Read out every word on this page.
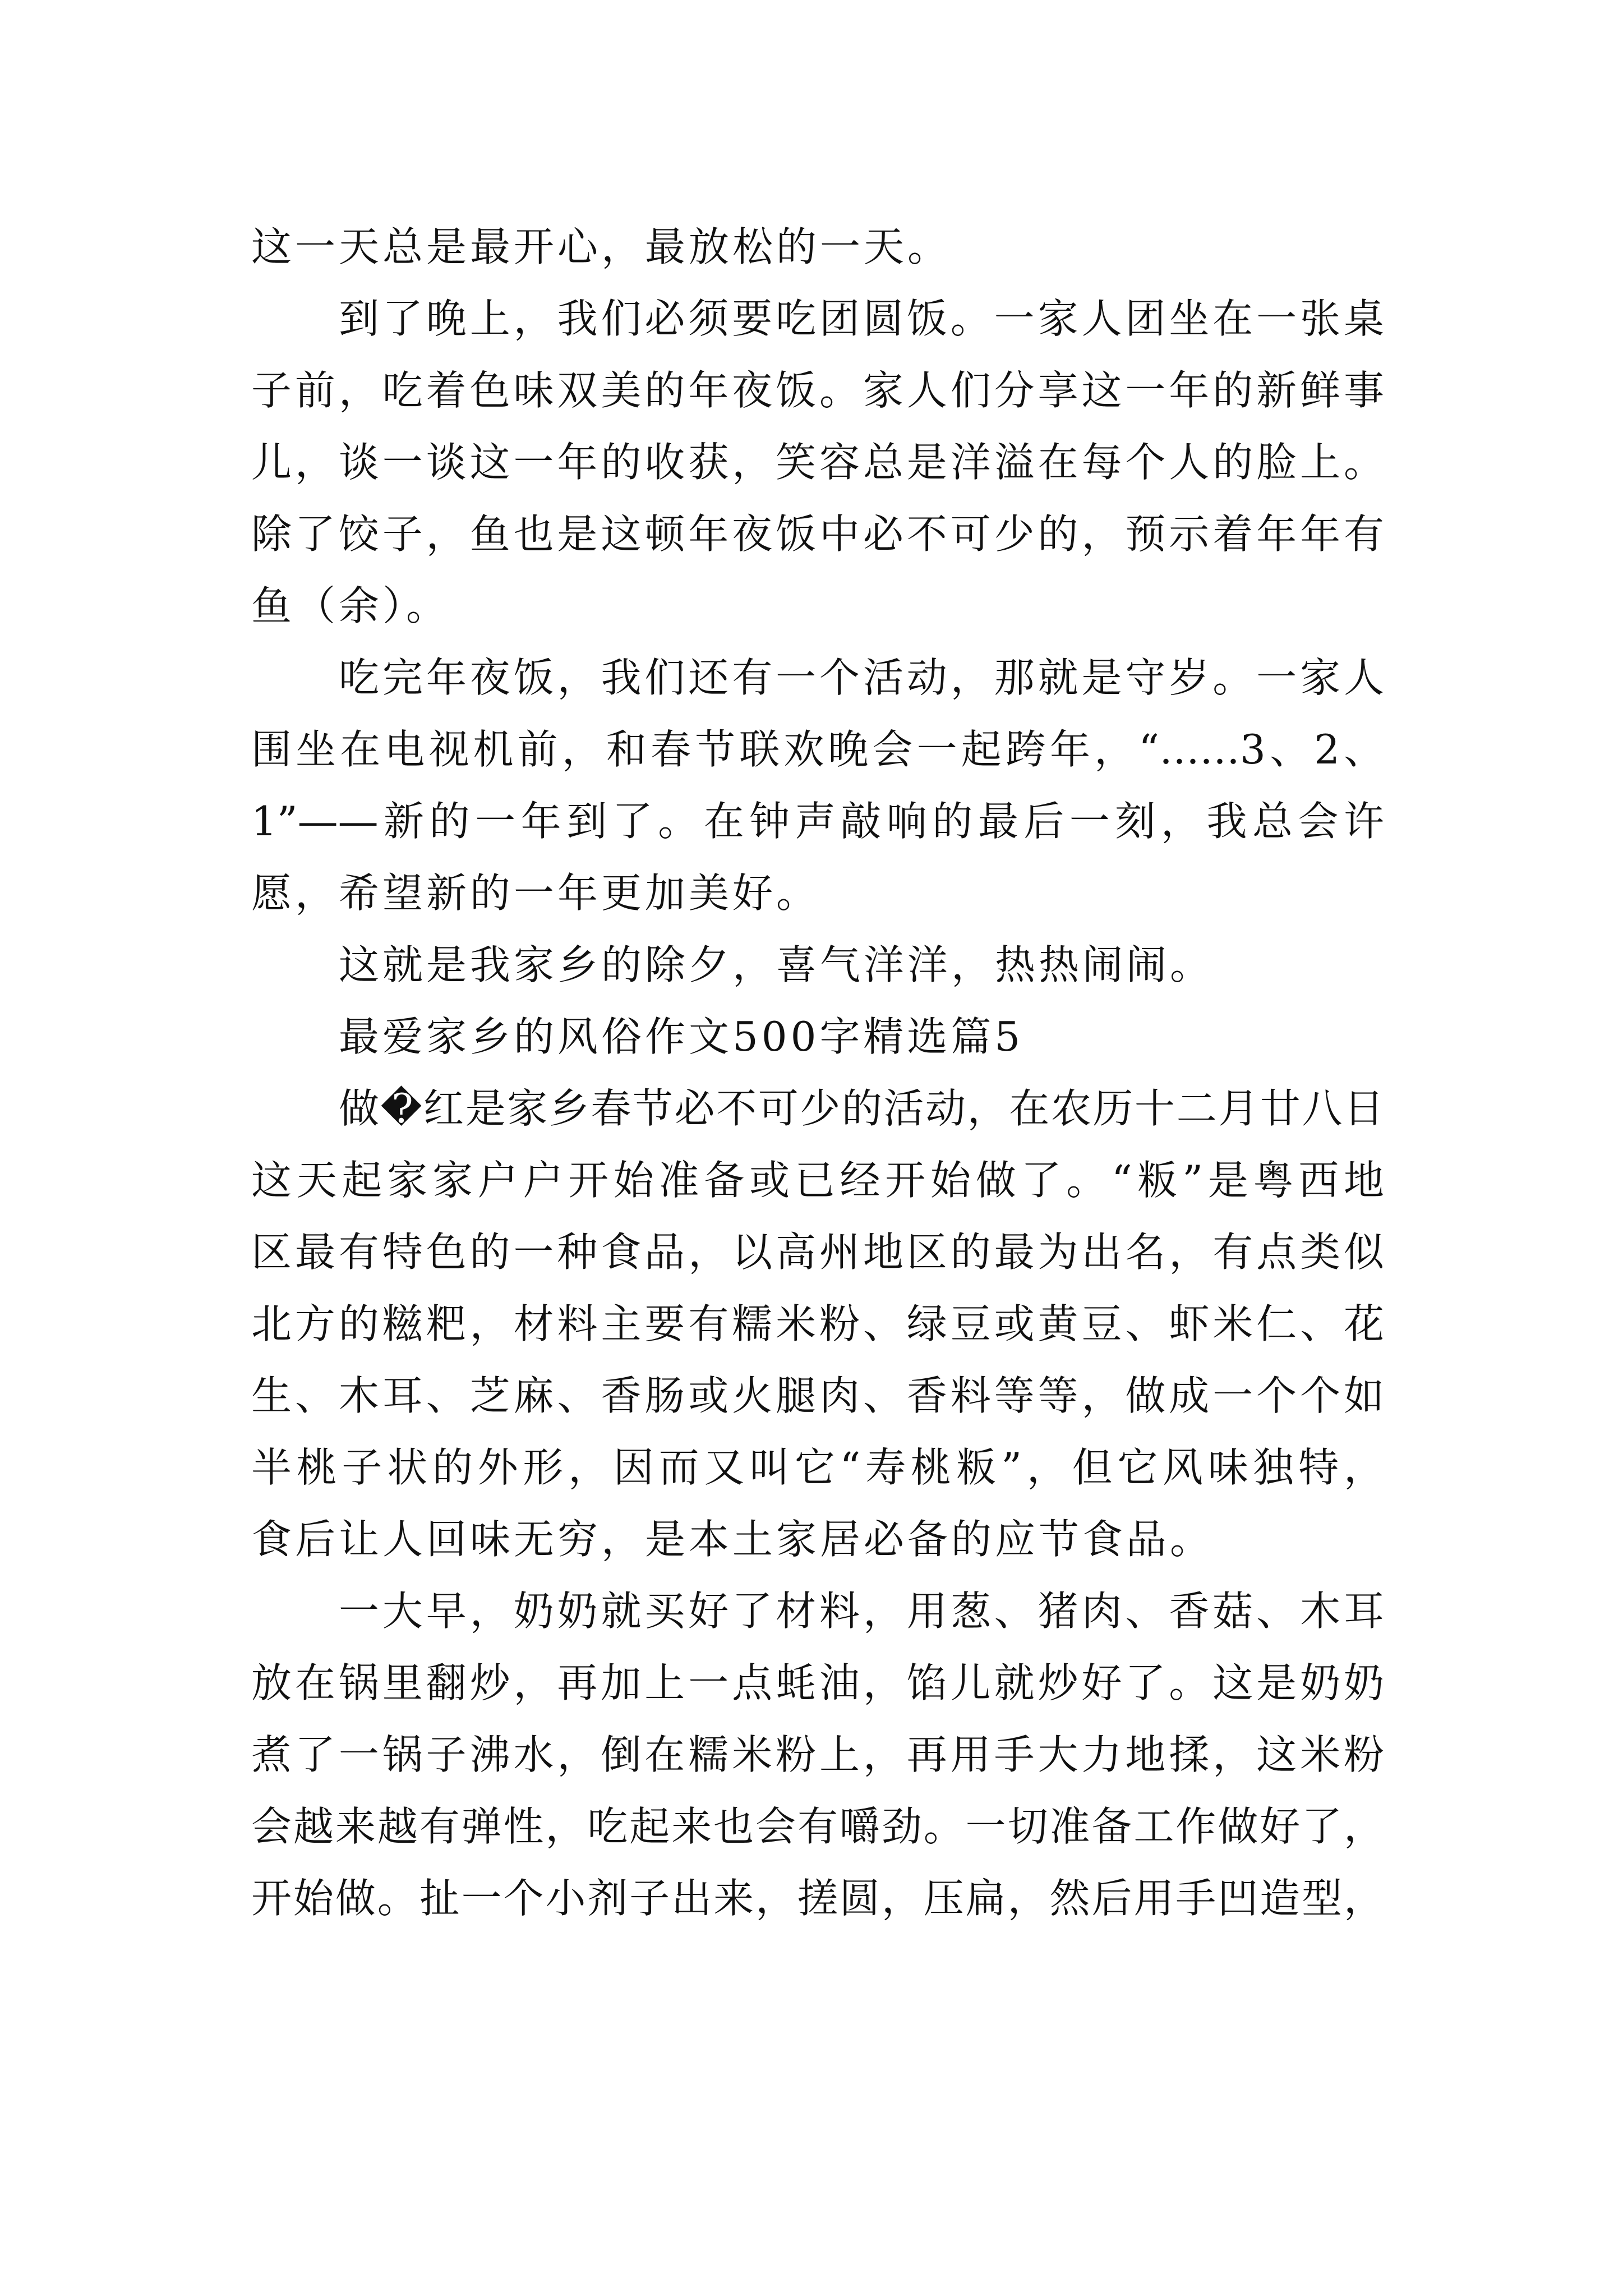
这一天总是最开心，最放松的一天。

到了晚上，我们必须要吃团圆饭。一家人团坐在一张桌

子前，吃着色味双美的年夜饭。家人们分享这一年的新鲜事

儿，谈一谈这一年的收获，笑容总是洋溢在每个人的脸上。

除了饺子，鱼也是这顿年夜饭中必不可少的，预示着年年有

鱼（余）。

吃完年夜饭，我们还有一个活动，那就是守岁。一家人

围坐在电视机前，和春节联欢晚会一起跨年，“……3、2、

1”——新的一年到了。在钟声敲响的最后一刻，我总会许

愿，希望新的一年更加美好。

这就是我家乡的除夕，喜气洋洋，热热闹闹。

最爱家乡的风俗作文500字精选篇5

做�红是家乡春节必不可少的活动，在农历十二月廿八日

这天起家家户户开始准备或已经开始做了。“粄”是粤西地

区最有特色的一种食品，以高州地区的最为出名，有点类似

北方的糍粑，材料主要有糯米粉、绿豆或黄豆、虾米仁、花

生、木耳、芝麻、香肠或火腿肉、香料等等，做成一个个如

半桃子状的外形，因而又叫它“寿桃粄”，但它风味独特，

食后让人回味无穷，是本土家居必备的应节食品。

一大早，奶奶就买好了材料，用葱、猪肉、香菇、木耳

放在锅里翻炒，再加上一点蚝油，馅儿就炒好了。这是奶奶

煮了一锅子沸水，倒在糯米粉上，再用手大力地揉，这米粉

会越来越有弹性，吃起来也会有嚼劲。一切准备工作做好了，

开始做。扯一个小剂子出来，搓圆，压扁，然后用手凹造型，
